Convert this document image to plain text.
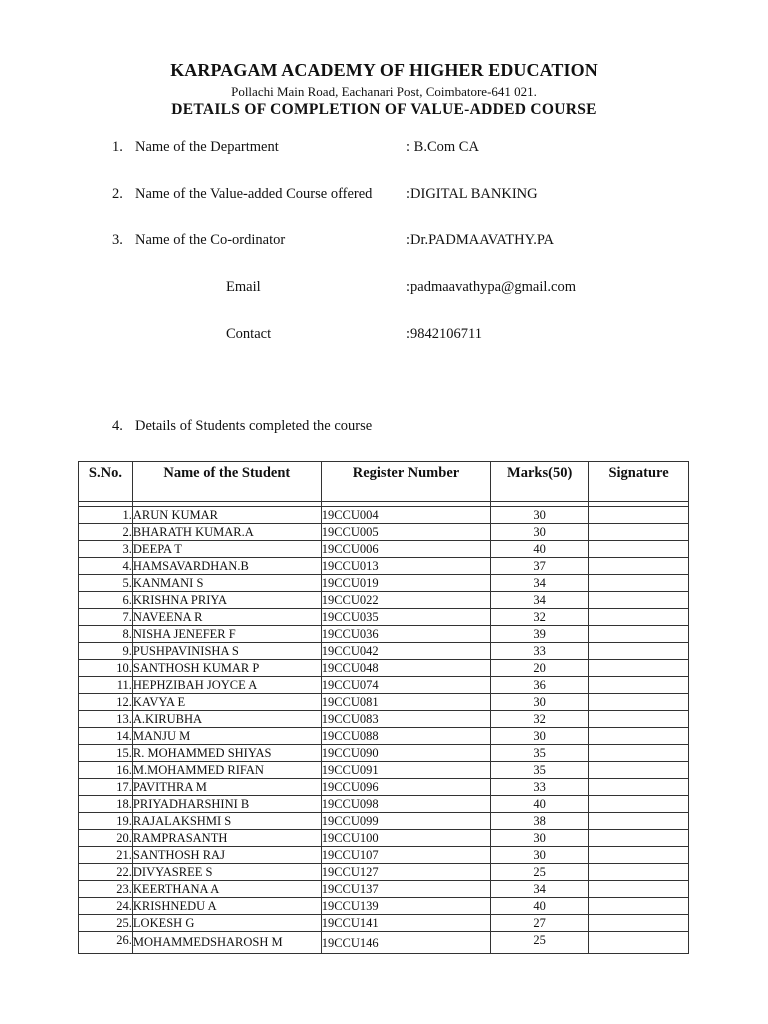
KARPAGAM ACADEMY OF HIGHER EDUCATION
Pollachi Main Road, Eachanari Post, Coimbatore-641 021.
DETAILS OF COMPLETION OF VALUE-ADDED COURSE
1. Name of the Department	: B.Com CA
2. Name of the Value-added Course offered :DIGITAL BANKING
3. Name of the Co-ordinator	:Dr.PADMAAVATHY.PA
Email	:padmaavathypa@gmail.com
Contact	:9842106711
4. Details of Students completed the course
S.No.	Name of the Student	Register Number	Marks(50)	Signature

1.	ARUN KUMAR	19CCU004	30	
2.	BHARATH KUMAR.A	19CCU005	30	
3.	DEEPA T	19CCU006	40	
4.	HAMSAVARDHAN.B	19CCU013	37	
5.	KANMANI S	19CCU019	34	
6.	KRISHNA PRIYA	19CCU022	34	
7.	NAVEENA R	19CCU035	32	
8.	NISHA JENEFER F	19CCU036	39	
9.	PUSHPAVINISHA S	19CCU042	33	
10.	SANTHOSH KUMAR P	19CCU048	20	
11.	HEPHZIBAH JOYCE A	19CCU074	36	
12.	KAVYA E	19CCU081	30	
13.	A.KIRUBHA	19CCU083	32	
14.	MANJU M	19CCU088	30	
15.	R. MOHAMMED SHIYAS	19CCU090	35	
16.	M.MOHAMMED RIFAN	19CCU091	35	
17.	PAVITHRA M	19CCU096	33	
18.	PRIYADHARSHINI B	19CCU098	40	
19.	RAJALAKSHMI S	19CCU099	38	
20.	RAMPRASANTH	19CCU100	30	
21.	SANTHOSH RAJ	19CCU107	30	
22.	DIVYASREE S	19CCU127	25	
23.	KEERTHANA A	19CCU137	34	
24.	KRISHNEDU A	19CCU139	40	
25.	LOKESH G	19CCU141	27	
26.	MOHAMMEDSHAROSH M	19CCU146	25	
